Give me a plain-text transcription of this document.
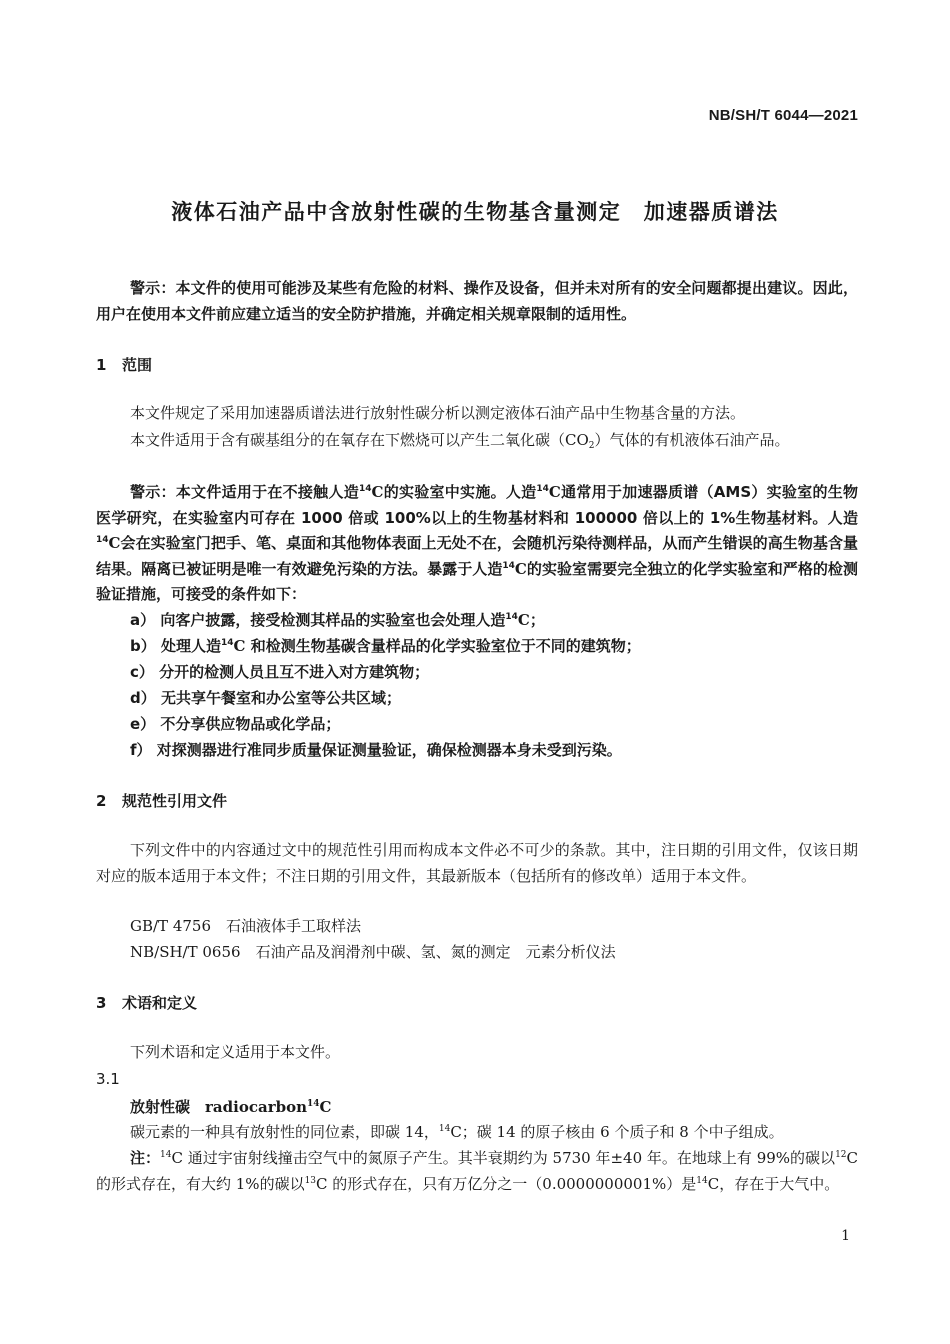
NB/SH/T 6044—2021
液体石油产品中含放射性碳的生物基含量测定　加速器质谱法
警示：本文件的使用可能涉及某些有危险的材料、操作及设备，但并未对所有的安全问题都提出建议。因此，用户在使用本文件前应建立适当的安全防护措施，并确定相关规章限制的适用性。
1 范围
本文件规定了采用加速器质谱法进行放射性碳分析以测定液体石油产品中生物基含量的方法。
本文件适用于含有碳基组分的在氧存在下燃烧可以产生二氧化碳$(CO_2)$气体的有机液体石油产品。
警示：本文件适用于在不接触人造$^{14}$C的实验室中实施。人造$^{14}$C通常用于加速器质谱（AMS）实验室的生物医学研究，在实验室内可存在 1000 倍或 100%以上的生物基材料和 100000 倍以上的 1%生物基材料。人造$^{14}$C会在实验室门把手、笔、桌面和其他物体表面上无处不在，会随机污染待测样品，从而产生错误的高生物基含量结果。隔离已被证明是唯一有效避免污染的方法。暴露于人造$^{14}$C的实验室需要完全独立的化学实验室和严格的检测验证措施，可接受的条件如下：
a） 向客户披露，接受检测其样品的实验室也会处理人造$^{14}$C；
b） 处理人造$^{14}$C 和检测生物基碳含量样品的化学实验室位于不同的建筑物；
c） 分开的检测人员且互不进入对方建筑物；
d） 无共享午餐室和办公室等公共区域；
e） 不分享供应物品或化学品；
f） 对探测器进行准同步质量保证测量验证，确保检测器本身未受到污染。
2 规范性引用文件
下列文件中的内容通过文中的规范性引用而构成本文件必不可少的条款。其中，注日期的引用文件，仅该日期对应的版本适用于本文件；不注日期的引用文件，其最新版本（包括所有的修改单）适用于本文件。
GB/T 4756　 石油液体手工取样法
NB/SH/T 0656　 石油产品及润滑剂中碳、氢、氮的测定　元素分析仪法
3 术语和定义
下列术语和定义适用于本文件。
3.1
放射性碳　 radiocarbon$^{14}$C
碳元素的一种具有放射性的同位素，即碳 14，$^{14}$C；碳 14 的原子核由 6 个质子和 8 个中子组成。
注：$^{14}$C 通过宇宙射线撞击空气中的氮原子产生。其半衰期约为 5730 年±40 年。在地球上有 99%的碳以$^{12}$C 的形式存在，有大约 1%的碳以$^{13}$C 的形式存在，只有万亿分之一（0.0000000001%）是$^{14}$C，存在于大气中。
1
